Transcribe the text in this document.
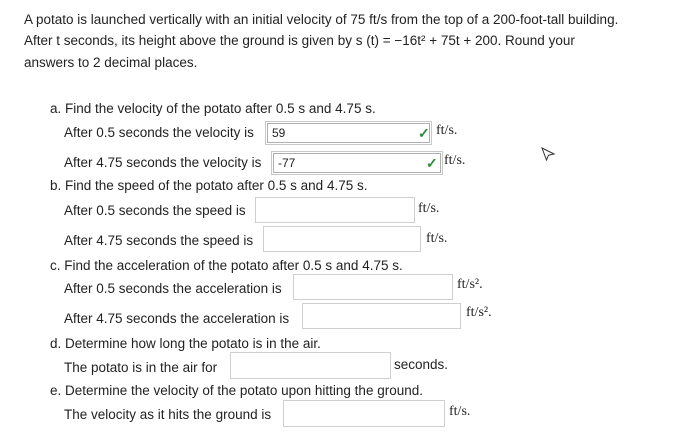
A potato is launched vertically with an initial velocity of 75 ft/s from the top of a 200-foot-tall building.
After t seconds, its height above the ground is given by s (t) = −16t² + 75t + 200. Round your
answers to 2 decimal places.
a. Find the velocity of the potato after 0.5 s and 4.75 s.
After 0.5 seconds the velocity is
59	✓ ft/s.
After 4.75 seconds the velocity is
-77	✓ ft/s.
b. Find the speed of the potato after 0.5 s and 4.75 s.
After 0.5 seconds the speed is	ft/s.
After 4.75 seconds the speed is	ft/s.
c. Find the acceleration of the potato after 0.5 s and 4.75 s.
After 0.5 seconds the acceleration is	ft/s².
After 4.75 seconds the acceleration is	ft/s².
d. Determine how long the potato is in the air.
The potato is in the air for	seconds.
e. Determine the velocity of the potato upon hitting the ground.
The velocity as it hits the ground is	ft/s.
